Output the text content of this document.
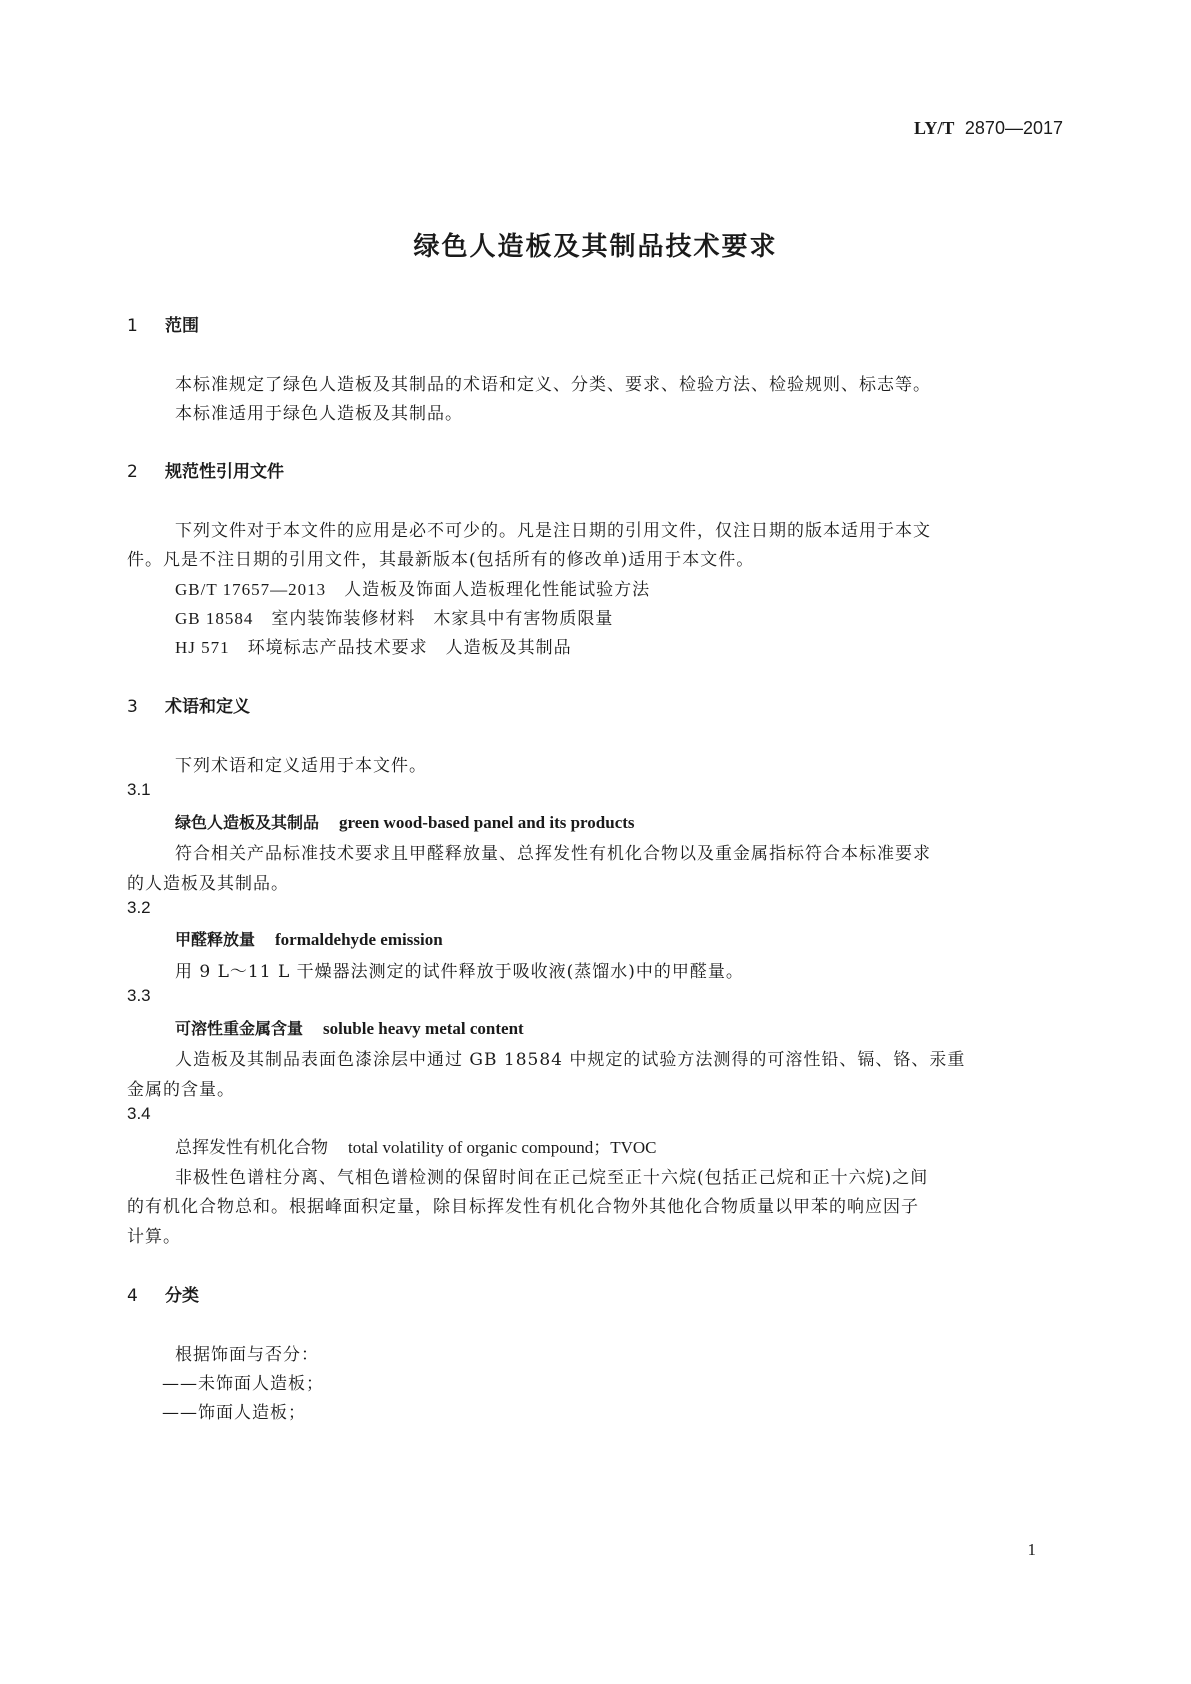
LY/T 2870—2017
绿色人造板及其制品技术要求
1 范围
本标准规定了绿色人造板及其制品的术语和定义、分类、要求、检验方法、检验规则、标志等。
本标准适用于绿色人造板及其制品。
2 规范性引用文件
下列文件对于本文件的应用是必不可少的。凡是注日期的引用文件，仅注日期的版本适用于本文
件。凡是不注日期的引用文件，其最新版本(包括所有的修改单)适用于本文件。
GB/T 17657—2013 人造板及饰面人造板理化性能试验方法
GB 18584 室内装饰装修材料　木家具中有害物质限量
HJ 571 环境标志产品技术要求　人造板及其制品
3 术语和定义
下列术语和定义适用于本文件。
3.1
绿色人造板及其制品 green wood-based panel and its products
符合相关产品标准技术要求且甲醛释放量、总挥发性有机化合物以及重金属指标符合本标准要求
的人造板及其制品。
3.2
甲醛释放量 formaldehyde emission
用 9 L～11 L 干燥器法测定的试件释放于吸收液(蒸馏水)中的甲醛量。
3.3
可溶性重金属含量 soluble heavy metal content
人造板及其制品表面色漆涂层中通过 GB 18584 中规定的试验方法测得的可溶性铅、镉、铬、汞重
金属的含量。
3.4
总挥发性有机化合物 total volatility of organic compound；TVOC
非极性色谱柱分离、气相色谱检测的保留时间在正己烷至正十六烷(包括正己烷和正十六烷)之间
的有机化合物总和。根据峰面积定量，除目标挥发性有机化合物外其他化合物质量以甲苯的响应因子
计算。
4 分类
根据饰面与否分：
——未饰面人造板；
——饰面人造板；
1
